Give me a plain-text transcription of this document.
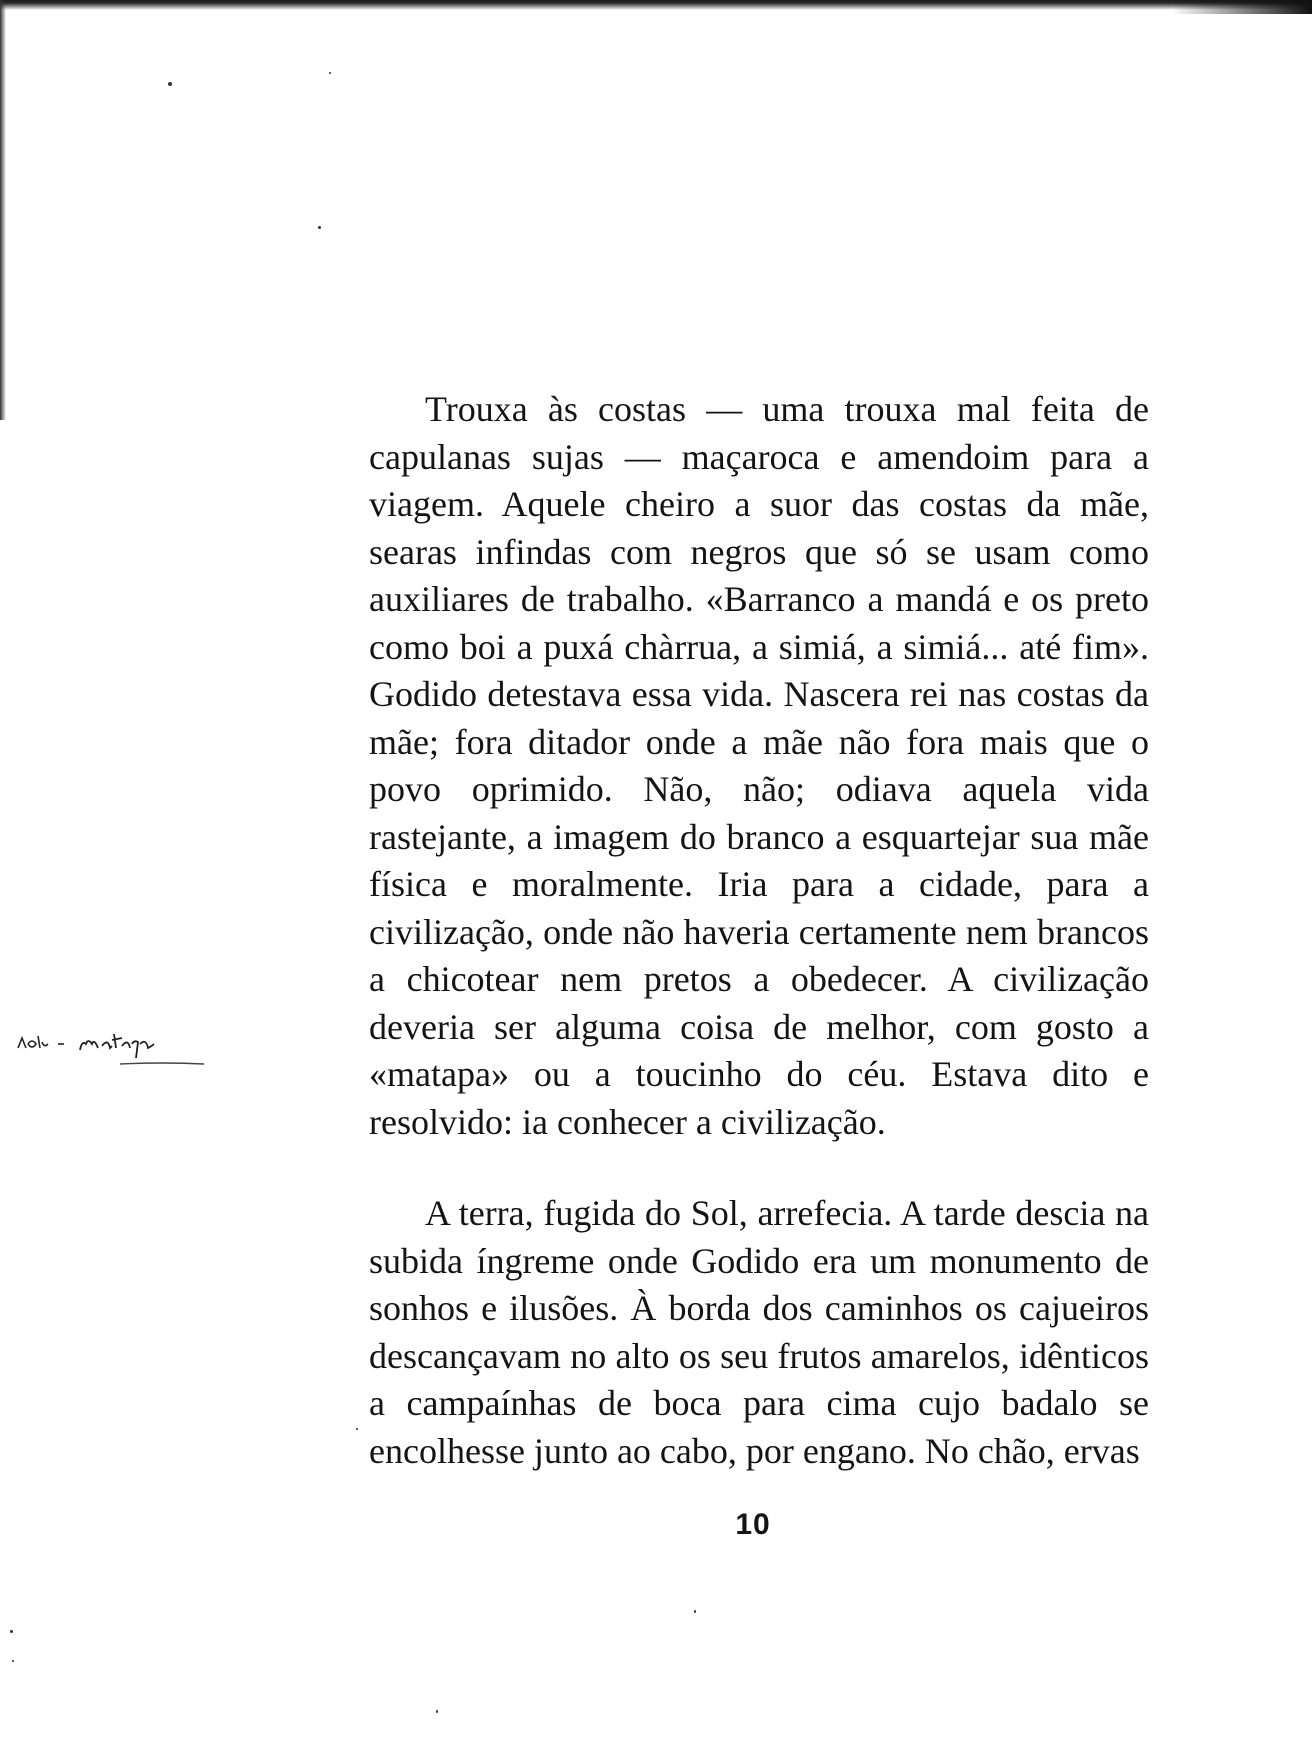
Trouxa às costas — uma trouxa mal feita de capulanas sujas — maçaroca e amendoim para a viagem. Aquele cheiro a suor das costas da mãe, searas infindas com negros que só se usam como auxiliares de trabalho. «Barranco a mandá e os preto como boi a puxá chàrrua, a simiá, a simiá... até fim». Godido detestava essa vida. Nascera rei nas costas da mãe; fora ditador onde a mãe não fora mais que o povo oprimido. Não, não; odiava aquela vida rastejante, a imagem do branco a esquartejar sua mãe física e moralmente. Iria para a cidade, para a civilização, onde não haveria certamente nem brancos a chicotear nem pretos a obedecer. A civilização deveria ser alguma coisa de melhor, com gosto a «matapa» ou a toucinho do céu. Estava dito e resolvido: ia conhecer a civilização.

A terra, fugida do Sol, arrefecia. A tarde descia na subida íngreme onde Godido era um monumento de sonhos e ilusões. À borda dos caminhos os cajueiros descançavam no alto os seu frutos amarelos, idênticos a campaínhas de boca para cima cujo badalo se encolhesse junto ao cabo, por engano. No chão, ervas

10
